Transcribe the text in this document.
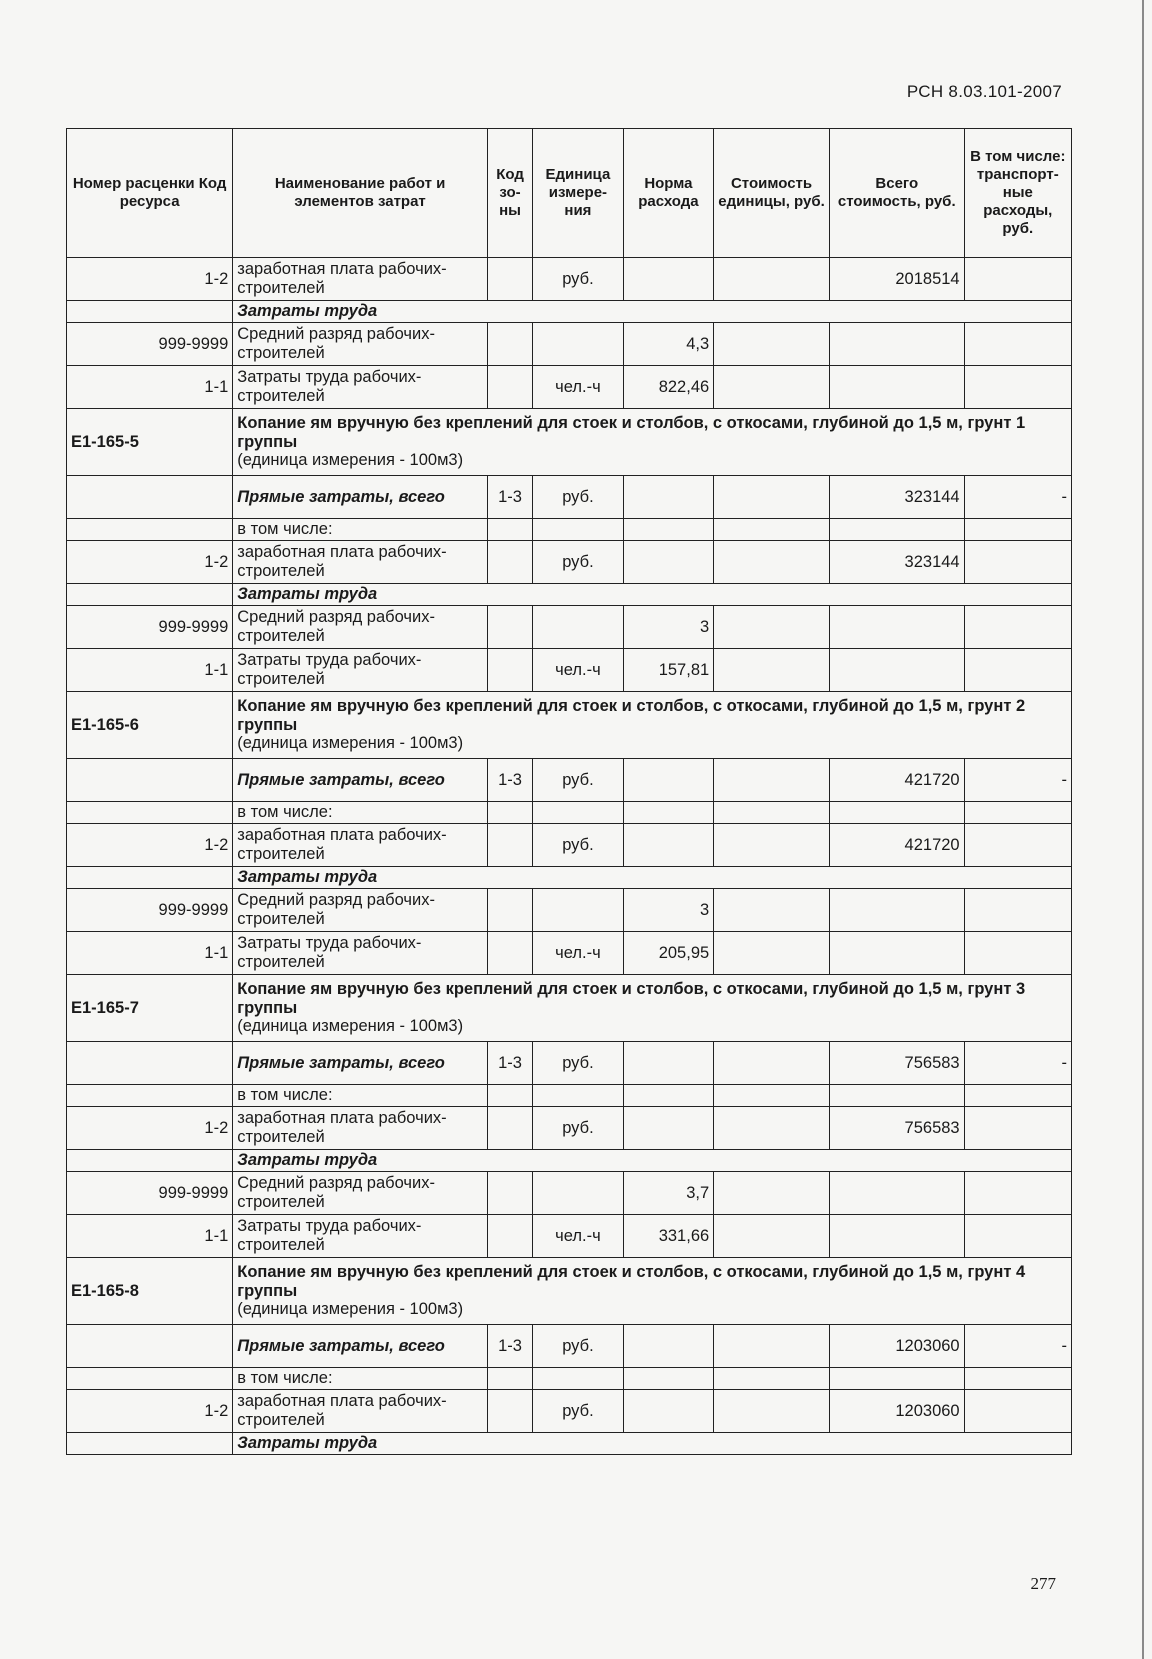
РСН 8.03.101-2007
Номер расценки Код ресурса	Наименование работ и элементов затрат	Код зо-ны	Единица измере-ния	Норма расхода	Стоимость единицы, руб.	Всего стоимость, руб.	В том числе: транспорт-ные расходы, руб.
1-2	заработная плата рабочих-строителей		руб.			2018514	
	Затраты труда						
999-9999	Средний разряд рабочих-строителей			4,3			
1-1	Затраты труда рабочих-строителей		чел.-ч	822,46			
Е1-165-5	Копание ям вручную без креплений для стоек и столбов, с откосами, глубиной до 1,5 м, грунт 1 группы
(единица измерения - 100м3)						
	Прямые затраты, всего	1-3	руб.			323144	-
	в том числе:						
1-2	заработная плата рабочих-строителей		руб.			323144	
	Затраты труда						
999-9999	Средний разряд рабочих-строителей			3			
1-1	Затраты труда рабочих-строителей		чел.-ч	157,81			
Е1-165-6	Копание ям вручную без креплений для стоек и столбов, с откосами, глубиной до 1,5 м, грунт 2 группы
(единица измерения - 100м3)						
	Прямые затраты, всего	1-3	руб.			421720	-
	в том числе:						
1-2	заработная плата рабочих-строителей		руб.			421720	
	Затраты труда						
999-9999	Средний разряд рабочих-строителей			3			
1-1	Затраты труда рабочих-строителей		чел.-ч	205,95			
Е1-165-7	Копание ям вручную без креплений для стоек и столбов, с откосами, глубиной до 1,5 м, грунт 3 группы
(единица измерения - 100м3)						
	Прямые затраты, всего	1-3	руб.			756583	-
	в том числе:						
1-2	заработная плата рабочих-строителей		руб.			756583	
	Затраты труда						
999-9999	Средний разряд рабочих-строителей			3,7			
1-1	Затраты труда рабочих-строителей		чел.-ч	331,66			
Е1-165-8	Копание ям вручную без креплений для стоек и столбов, с откосами, глубиной до 1,5 м, грунт 4 группы
(единица измерения - 100м3)						
	Прямые затраты, всего	1-3	руб.			1203060	-
	в том числе:						
1-2	заработная плата рабочих-строителей		руб.			1203060	
	Затраты труда						
277
